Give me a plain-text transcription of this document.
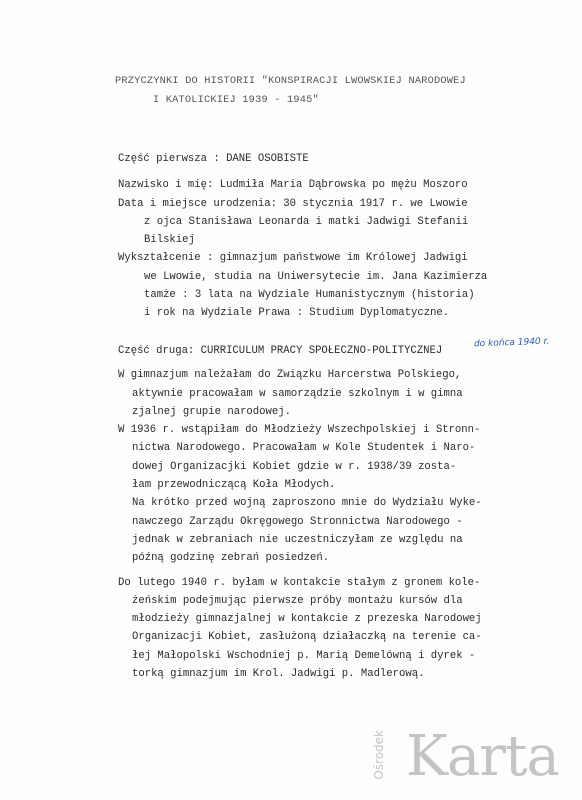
PRZYCZYNKI DO HISTORII "KONSPIRACJI LWOWSKIEJ NARODOWEJ
I KATOLICKIEJ 1939 - 1945"
Część pierwsza : DANE OSOBISTE
Nazwisko i mię: Ludmiła Maria Dąbrowska po mężu Moszoro
Data i miejsce urodzenia: 30 stycznia 1917 r. we Lwowie
z ojca Stanisława Leonarda i matki Jadwigi Stefanii
Bilskiej
Wykształcenie : gimnazjum państwowe im Królowej Jadwigi
we Lwowie, studia na Uniwersytecie im. Jana Kazimierza
tamże : 3 lata na Wydziale Humanistycznym (historia)
i rok na Wydziale Prawa : Studium Dyplomatyczne.
Część druga: CURRICULUM PRACY SPOŁECZNO-POLITYCZNEJ
W gimnazjum należałam do Związku Harcerstwa Polskiego,
aktywnie pracowałam w samorządzie szkolnym i w gimna
zjalnej grupie narodowej.
W 1936 r. wstąpiłam do Młodzieży Wszechpolskiej i Stronn-
nictwa Narodowego. Pracowałam w Kole Studentek i Naro-
dowej Organizacjki Kobiet gdzie w r. 1938/39 zosta-
łam przewodniczącą Koła Młodych.
Na krótko przed wojną zaproszono mnie do Wydziału Wyke-
nawczego Zarządu Okręgowego Stronnictwa Narodowego -
jednak w zebraniach nie uczestniczyłam ze względu na
późną godzinę zebrań posiedzeń.
Do lutego 1940 r. byłam w kontakcie stałym z gronem kole-
żeńskim podejmując pierwsze próby montażu kursów dla
młodzieży gimnazjalnej w kontakcie z prezeska Narodowej
Organizacji Kobiet, zasłużoną działaczką na terenie ca-
łej Małopolski Wschodniej p. Marią Demelówną i dyrek -
torką gimnazjum im Krol. Jadwigi p. Madlerową.
do końca 1940 r.
Ośrodek Karta
